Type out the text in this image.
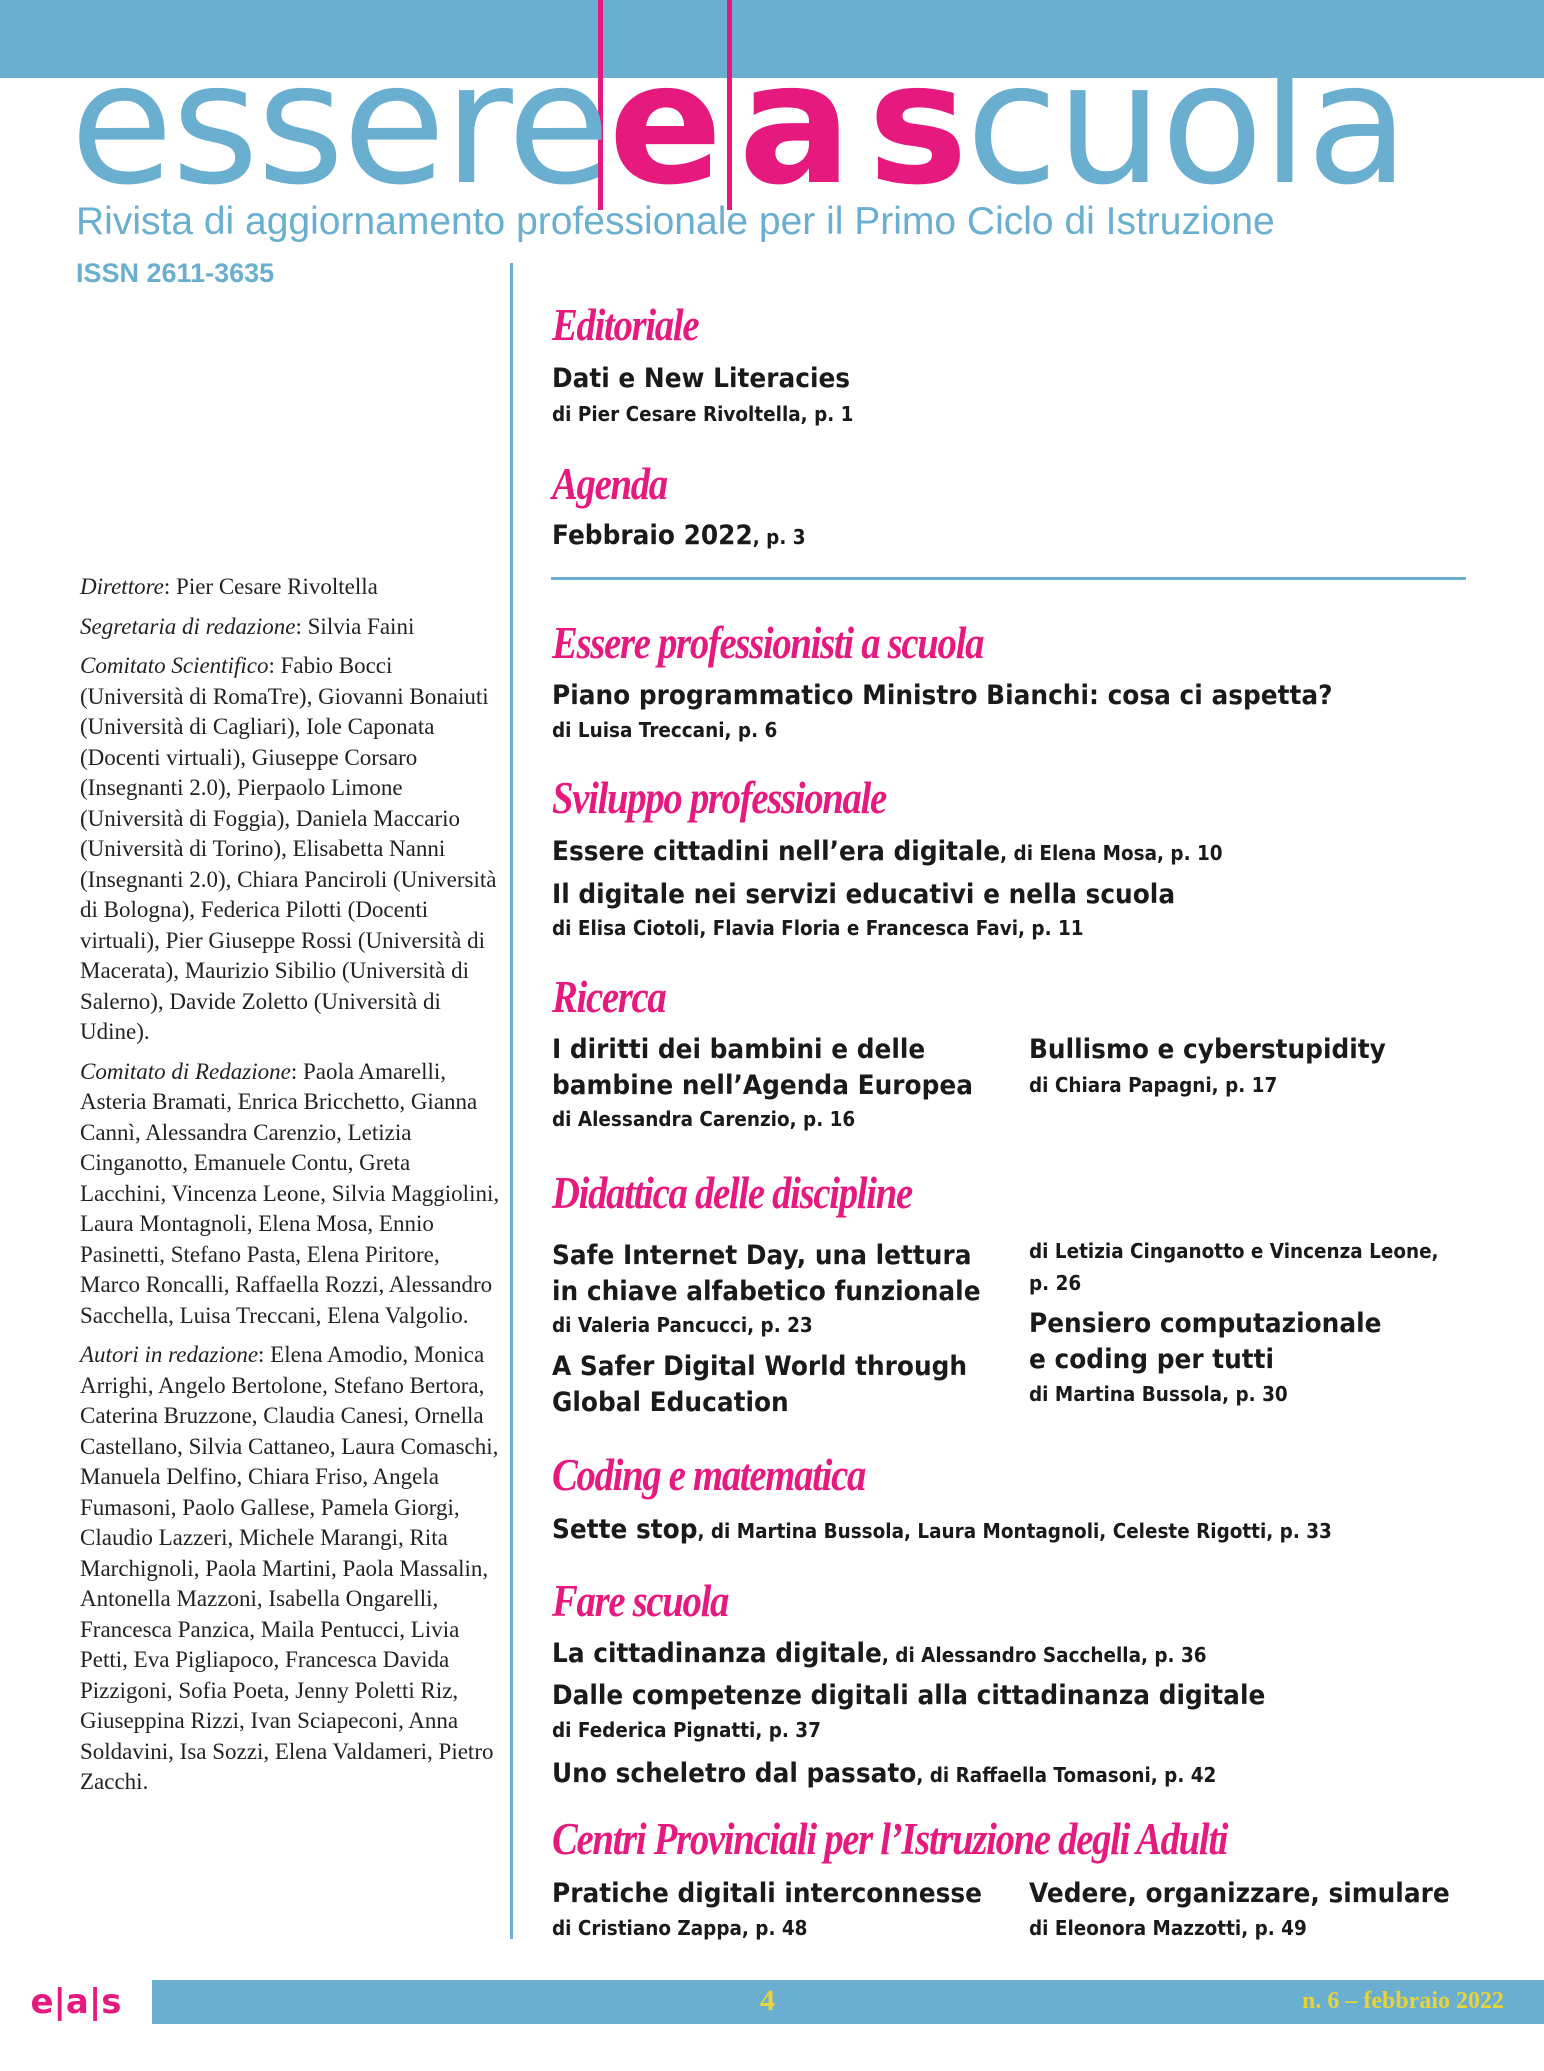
esseree a scuola
Rivista di aggiornamento professionale per il Primo Ciclo di Istruzione
ISSN 2611-3635

Direttore: Pier Cesare Rivoltella

Segretaria di redazione: Silvia Faini

Comitato Scientifico: Fabio Bocci (Università di RomaTre), Giovanni Bonaiuti (Università di Cagliari), Iole Caponata (Docenti virtuali), Giuseppe Corsaro (Insegnanti 2.0), Pierpaolo Limone (Università di Foggia), Daniela Maccario (Università di Torino), Elisabetta Nanni (Insegnanti 2.0), Chiara Panciroli (Università di Bologna), Federica Pilotti (Docenti virtuali), Pier Giuseppe Rossi (Università di Macerata), Maurizio Sibilio (Università di Salerno), Davide Zoletto (Università di Udine).

Comitato di Redazione: Paola Amarelli, Asteria Bramati, Enrica Bricchetto, Gianna Cannì, Alessandra Carenzio, Letizia Cinganotto, Emanuele Contu, Greta Lacchini, Vincenza Leone, Silvia Maggiolini, Laura Montagnoli, Elena Mosa, Ennio Pasinetti, Stefano Pasta, Elena Piritore, Marco Roncalli, Raffaella Rozzi, Alessandro Sacchella, Luisa Treccani, Elena Valgolio.

Autori in redazione: Elena Amodio, Monica Arrighi, Angelo Bertolone, Stefano Bertora, Caterina Bruzzone, Claudia Canesi, Ornella Castellano, Silvia Cattaneo, Laura Comaschi, Manuela Delfino, Chiara Friso, Angela Fumasoni, Paolo Gallese, Pamela Giorgi, Claudio Lazzeri, Michele Marangi, Rita Marchignoli, Paola Martini, Paola Massalin, Antonella Mazzoni, Isabella Ongarelli, Francesca Panzica, Maila Pentucci, Livia Petti, Eva Pigliapoco, Francesca Davida Pizzigoni, Sofia Poeta, Jenny Poletti Riz, Giuseppina Rizzi, Ivan Sciapeconi, Anna Soldavini, Isa Sozzi, Elena Valdameri, Pietro Zacchi.

Editoriale
Dati e New Literacies
di Pier Cesare Rivoltella, p. 1
Agenda
Febbraio 2022, p. 3
Essere professionisti a scuola
Piano programmatico Ministro Bianchi: cosa ci aspetta?
di Luisa Treccani, p. 6
Sviluppo professionale
Essere cittadini nell’era digitale, di Elena Mosa, p. 10
Il digitale nei servizi educativi e nella scuola
di Elisa Ciotoli, Flavia Floria e Francesca Favi, p. 11
Ricerca
I diritti dei bambini e delle
bambine nell’Agenda Europea
di Alessandra Carenzio, p. 16
Bullismo e cyberstupidity
di Chiara Papagni, p. 17
Didattica delle discipline
Safe Internet Day, una lettura
in chiave alfabetico funzionale
di Valeria Pancucci, p. 23
A Safer Digital World through
Global Education
di Letizia Cinganotto e Vincenza Leone,
p. 26
Pensiero computazionale
e coding per tutti
di Martina Bussola, p. 30
Coding e matematica
Sette stop, di Martina Bussola, Laura Montagnoli, Celeste Rigotti, p. 33
Fare scuola
La cittadinanza digitale, di Alessandro Sacchella, p. 36
Dalle competenze digitali alla cittadinanza digitale
di Federica Pignatti, p. 37
Uno scheletro dal passato, di Raffaella Tomasoni, p. 42
Centri Provinciali per l’Istruzione degli Adulti
Pratiche digitali interconnesse
di Cristiano Zappa, p. 48
Vedere, organizzare, simulare
di Eleonora Mazzotti, p. 49
e|a|s	4	n. 6 – febbraio 2022
